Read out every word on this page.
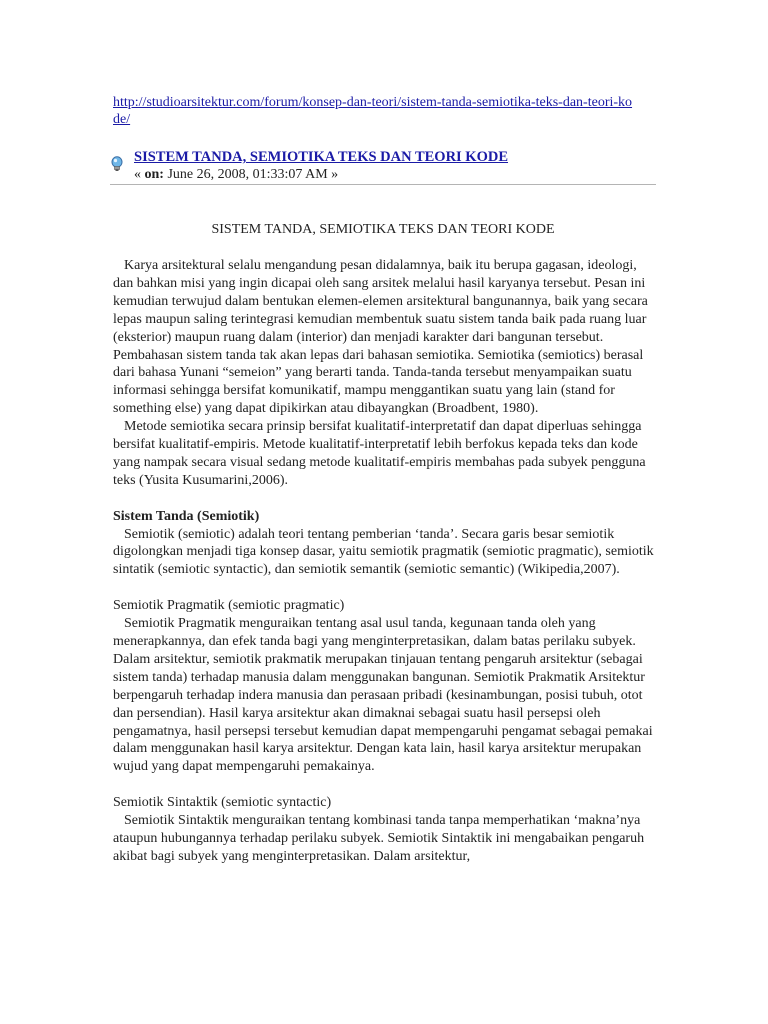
http://studioarsitektur.com/forum/konsep-dan-teori/sistem-tanda-semiotika-teks-dan-teori-kode/
SISTEM TANDA, SEMIOTIKA TEKS DAN TEORI KODE
« on: June 26, 2008, 01:33:07 AM »
SISTEM TANDA, SEMIOTIKA TEKS DAN TEORI KODE

Karya arsitektural selalu mengandung pesan didalamnya, baik itu berupa gagasan, ideologi, dan bahkan misi yang ingin dicapai oleh sang arsitek melalui hasil karyanya tersebut. Pesan ini kemudian terwujud dalam bentukan elemen-elemen arsitektural bangunannya, baik yang secara lepas maupun saling terintegrasi kemudian membentuk suatu sistem tanda baik pada ruang luar (eksterior) maupun ruang dalam (interior) dan menjadi karakter dari bangunan tersebut. Pembahasan sistem tanda tak akan lepas dari bahasan semiotika. Semiotika (semiotics) berasal dari bahasa Yunani “semeion” yang berarti tanda. Tanda-tanda tersebut menyampaikan suatu informasi sehingga bersifat komunikatif, mampu menggantikan suatu yang lain (stand for something else) yang dapat dipikirkan atau dibayangkan (Broadbent, 1980).

Metode semiotika secara prinsip bersifat kualitatif-interpretatif dan dapat diperluas sehingga bersifat kualitatif-empiris. Metode kualitatif-interpretatif lebih berfokus kepada teks dan kode yang nampak secara visual sedang metode kualitatif-empiris membahas pada subyek pengguna teks (Yusita Kusumarini,2006).

Sistem Tanda (Semiotik)

Semiotik (semiotic) adalah teori tentang pemberian ‘tanda’. Secara garis besar semiotik digolongkan menjadi tiga konsep dasar, yaitu semiotik pragmatik (semiotic pragmatic), semiotik sintatik (semiotic syntactic), dan semiotik semantik (semiotic semantic) (Wikipedia,2007).

Semiotik Pragmatik (semiotic pragmatic)

Semiotik Pragmatik menguraikan tentang asal usul tanda, kegunaan tanda oleh yang menerapkannya, dan efek tanda bagi yang menginterpretasikan, dalam batas perilaku subyek. Dalam arsitektur, semiotik prakmatik merupakan tinjauan tentang pengaruh arsitektur (sebagai sistem tanda) terhadap manusia dalam menggunakan bangunan. Semiotik Prakmatik Arsitektur berpengaruh terhadap indera manusia dan perasaan pribadi (kesinambungan, posisi tubuh, otot dan persendian). Hasil karya arsitektur akan dimaknai sebagai suatu hasil persepsi oleh pengamatnya, hasil persepsi tersebut kemudian dapat mempengaruhi pengamat sebagai pemakai dalam menggunakan hasil karya arsitektur. Dengan kata lain, hasil karya arsitektur merupakan wujud yang dapat mempengaruhi pemakainya.

Semiotik Sintaktik (semiotic syntactic)

Semiotik Sintaktik menguraikan tentang kombinasi tanda tanpa memperhatikan ‘makna’nya ataupun hubungannya terhadap perilaku subyek. Semiotik Sintaktik ini mengabaikan pengaruh akibat bagi subyek yang menginterpretasikan. Dalam arsitektur,
